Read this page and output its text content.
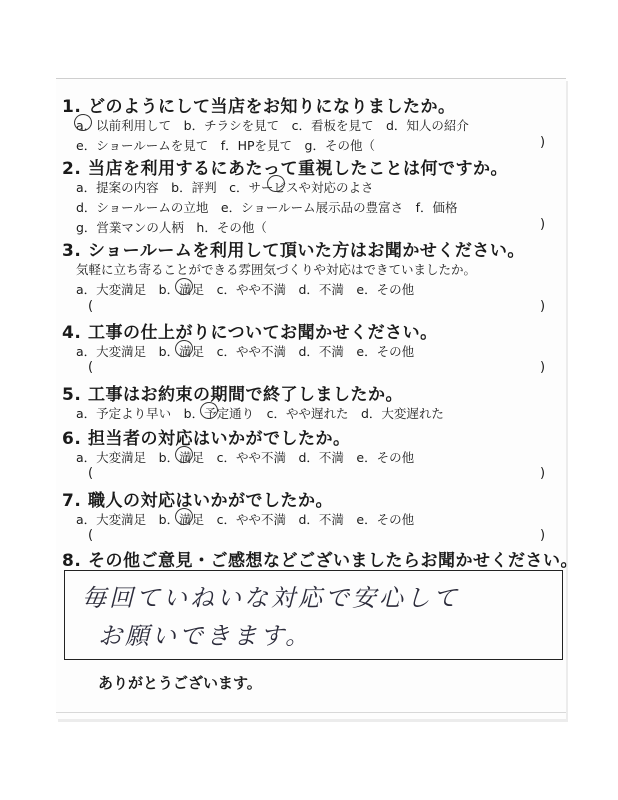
1. どのようにして当店をお知りになりましたか。
a．以前利用して　b．チラシを見て　c．看板を見て　d．知人の紹介
e．ショールームを見て　f．HPを見て　g．その他（	)
2. 当店を利用するにあたって重視したことは何ですか。
a．提案の内容　b．評判　c．サービスや対応のよさ
d．ショールームの立地　e．ショールーム展示品の豊富さ　f．価格
g．営業マンの人柄　h．その他（	)
3. ショールームを利用して頂いた方はお聞かせください。
気軽に立ち寄ることができる雰囲気づくりや対応はできていましたか。
a．大変満足　b．満足　c．やや不満　d．不満　e．その他
(	)
4. 工事の仕上がりについてお聞かせください。
a．大変満足　b．満足　c．やや不満　d．不満　e．その他
(	)
5. 工事はお約束の期間で終了しましたか。
a．予定より早い　b．予定通り　c．やや遅れた　d．大変遅れた
6. 担当者の対応はいかがでしたか。
a．大変満足　b．満足　c．やや不満　d．不満　e．その他
(	)
7. 職人の対応はいかがでしたか。
a．大変満足　b．満足　c．やや不満　d．不満　e．その他
(	)
8. その他ご意見・ご感想などございましたらお聞かせください。
毎回ていねいな対応で安心して
お願いできます。
ありがとうございます。
